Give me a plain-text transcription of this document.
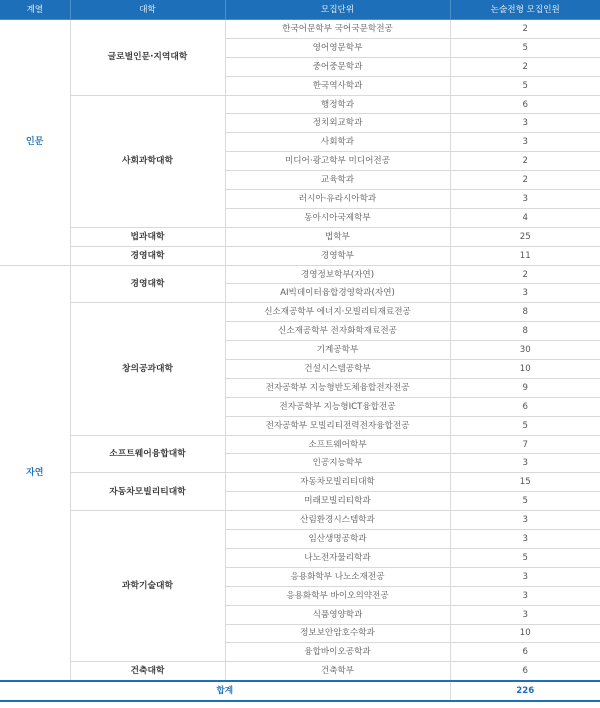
계열	대학	모집단위	논술전형 모집인원
인문	글로벌인문·지역대학	한국어문학부 국어국문학전공	2
		영어영문학부	5
		중어중문학과	2
		한국역사학과	5
	사회과학대학	행정학과	6
		정치외교학과	3
		사회학과	3
		미디어·광고학부 미디어전공	2
		교육학과	2
		러시아·유라시아학과	3
		동아시아국제학부	4
	법과대학	법학부	25
	경영대학	경영학부	11
자연	경영대학	경영정보학부(자연)	2
		AI빅데이터융합경영학과(자연)	3
	창의공과대학	신소재공학부 에너지·모빌리티재료전공	8
		신소재공학부 전자화학재료전공	8
		기계공학부	30
		건설시스템공학부	10
		전자공학부 지능형반도체융합전자전공	9
		전자공학부 지능형ICT융합전공	6
		전자공학부 모빌리티전력전자융합전공	5
	소프트웨어융합대학	소프트웨어학부	7
		인공지능학부	3
	자동차모빌리티대학	자동차모빌리티대학	15
		미래모빌리티학과	5
	과학기술대학	산림환경시스템학과	3
		임산생명공학과	3
		나노전자물리학과	5
		응용화학부 나노소재전공	3
		응용화학부 바이오의약전공	3
		식품영양학과	3
		정보보안암호수학과	10
		융합바이오공학과	6
	건축대학	건축학부	6
합계			226
